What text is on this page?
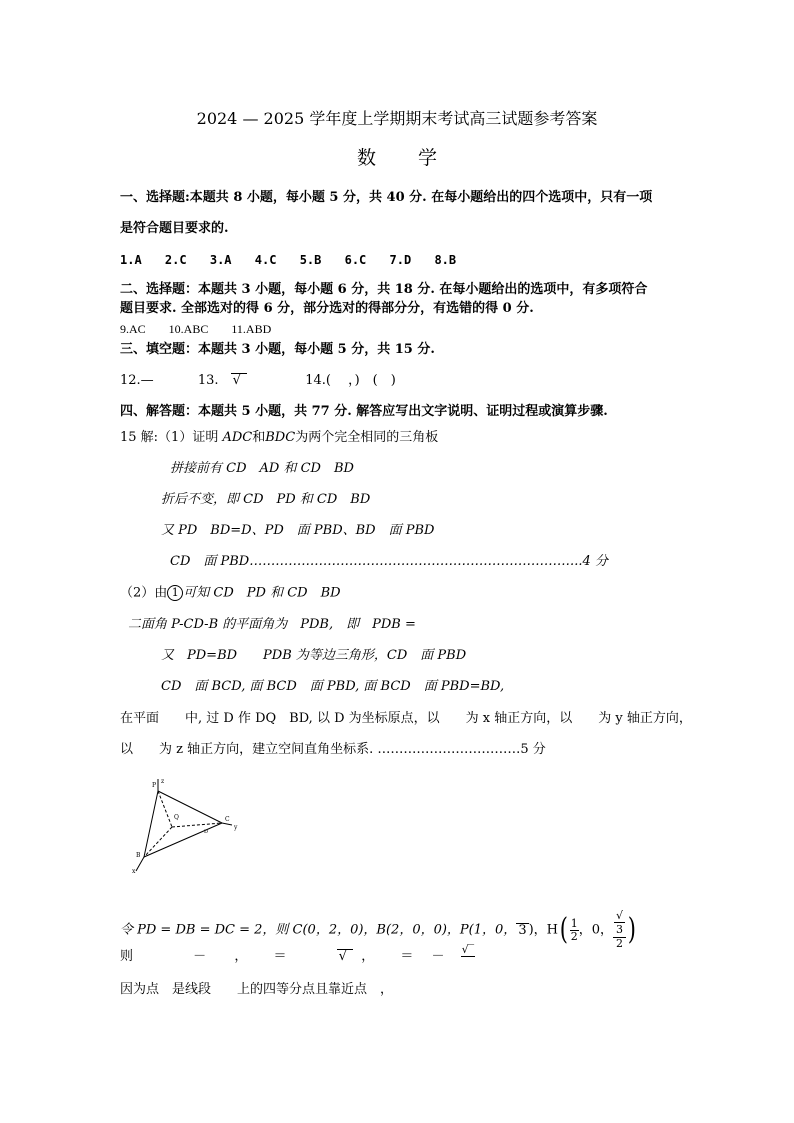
2024 — 2025 学年度上学期期末考试高三试题参考答案
数 学
一、选择题:本题共 8 小题，每小题 5 分，共 40 分. 在每小题给出的四个选项中，只有一项
是符合题目要求的.
1.A 2.C 3.A 4.C 5.B 6.C 7.D 8.B
二、选择题：本题共 3 小题，每小题 6 分，共 18 分. 在每小题给出的选项中，有多项符合
题目要求. 全部选对的得 6 分，部分选对的得部分分，有选错的得 0 分.
9.AC 10.ABC 11.ABD
三、填空题：本题共 3 小题，每小题 5 分，共 15 分.
12.—	13. √	14.(　 ，)　(　)
四、解答题：本题共 5 小题，共 77 分. 解答应写出文字说明、证明过程或演算步骤.
15 解:（1）证明 ADC和BDC为两个完全相同的三角板
拼接前有 CD　AD 和 CD　BD
折后不变，即 CD　PD 和 CD　BD
又 PD　BD=D、PD　面 PBD、BD　面 PBD
CD　面 PBD…………………………………………………………………..4 分
（2）由 1 可知 CD　PD 和 CD　BD
二面角 P-CD-B 的平面角为　PDB,　即　PDB =
又　PD=BD　　PDB 为等边三角形，CD　面 PBD
CD　面 BCD, 面 BCD　面 PBD, 面 BCD　面 PBD=BD,
在平面　　中, 过 D 作 DQ　BD, 以 D 为坐标原点，以　　为 x 轴正方向，以　　为 y 轴正方向，
以　　为 z 轴正方向，建立空间直角坐标系. ……………………………5 分
P
z
C
y
Q
B
x
D
令 PD = DB = DC = 2，则 C(0，2，0)，B(2，0，0)，P(1，0， 3 )，$H( \frac{1}{2}$ ，0， √
3
2 )
则	－ ， ＝	√  ， ＝ － √‾

因为点　是线段　　上的四等分点且靠近点　，
